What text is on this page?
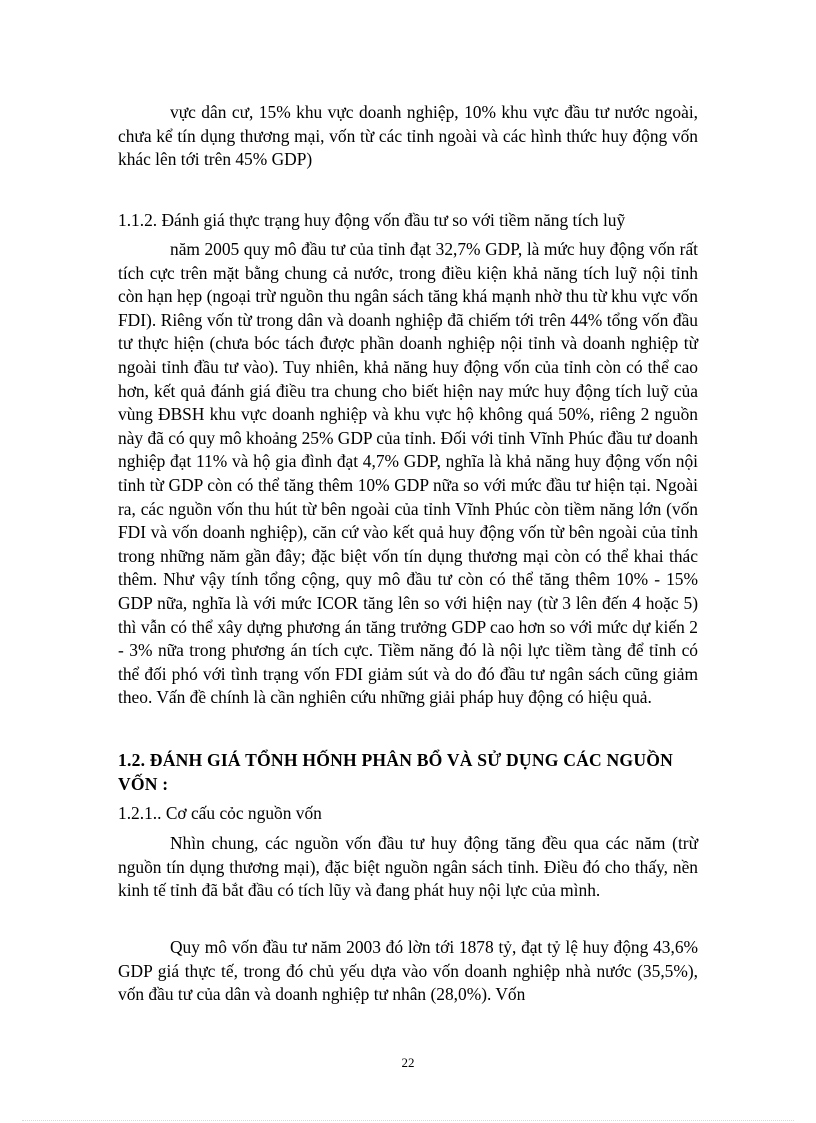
vực dân cư, 15% khu vực doanh nghiệp, 10% khu vực đầu tư nước ngoài, chưa kể tín dụng thương mại, vốn từ các tỉnh ngoài và các hình thức huy động vốn khác lên tới trên 45% GDP)

1.1.2. Đánh giá thực trạng huy động vốn đầu tư so với tiềm năng tích luỹ

năm 2005 quy mô đầu tư của tỉnh đạt 32,7% GDP, là mức huy động vốn rất tích cực trên mặt bằng chung cả nước, trong điều kiện khả năng tích luỹ nội tỉnh còn hạn hẹp (ngoại trừ nguồn thu ngân sách tăng khá mạnh nhờ thu từ khu vực vốn FDI). Riêng vốn từ trong dân và doanh nghiệp đã chiếm tới trên 44% tổng vốn đầu tư thực hiện (chưa bóc tách được phần doanh nghiệp nội tỉnh và doanh nghiệp từ ngoài tỉnh đầu tư vào). Tuy nhiên, khả năng huy động vốn của tỉnh còn có thể cao hơn, kết quả đánh giá điều tra chung cho biết hiện nay mức huy động tích luỹ của vùng ĐBSH khu vực doanh nghiệp và khu vực hộ không quá 50%, riêng 2 nguồn này đã có quy mô khoảng 25% GDP của tỉnh. Đối với tỉnh Vĩnh Phúc đầu tư doanh nghiệp đạt 11% và hộ gia đình đạt 4,7% GDP, nghĩa là khả năng huy động vốn nội tỉnh từ GDP còn có thể tăng thêm 10% GDP nữa so với mức đầu tư hiện tại. Ngoài ra, các nguồn vốn thu hút từ bên ngoài của tỉnh Vĩnh Phúc còn tiềm năng lớn (vốn FDI và vốn doanh nghiệp), căn cứ vào kết quả huy động vốn từ bên ngoài của tỉnh trong những năm gần đây; đặc biệt vốn tín dụng thương mại còn có thể khai thác thêm. Như vậy tính tổng cộng, quy mô đầu tư còn có thể tăng thêm 10% - 15% GDP nữa, nghĩa là với mức ICOR tăng lên so với hiện nay (từ 3 lên đến 4 hoặc 5) thì vẫn có thể xây dựng phương án tăng trưởng GDP cao hơn so với mức dự kiến 2 - 3% nữa trong phương án tích cực. Tiềm năng đó là nội lực tiềm tàng để tỉnh có thể đối phó với tình trạng vốn FDI giảm sút và do đó đầu tư ngân sách cũng giảm theo. Vấn đề chính là cần nghiên cứu những giải pháp huy động có hiệu quả.

1.2. ĐÁNH GIÁ TỔNH HỐNH PHÂN BỔ VÀ SỬ DỤNG CÁC NGUỒN VỐN :

1.2.1.. Cơ cấu cỏc nguồn vốn

Nhìn chung, các nguồn vốn đầu tư huy động tăng đều qua các năm (trừ nguồn tín dụng thương mại), đặc biệt nguồn ngân sách tỉnh. Điều đó cho thấy, nền kinh tế tỉnh đã bắt đầu có tích lũy và đang phát huy nội lực của mình.

Quy mô vốn đầu tư năm 2003 đó lờn tới 1878 tỷ, đạt tỷ lệ huy động 43,6% GDP giá thực tế, trong đó chủ yếu dựa vào vốn doanh nghiệp nhà nước (35,5%), vốn đầu tư của dân và doanh nghiệp tư nhân (28,0%). Vốn

22
